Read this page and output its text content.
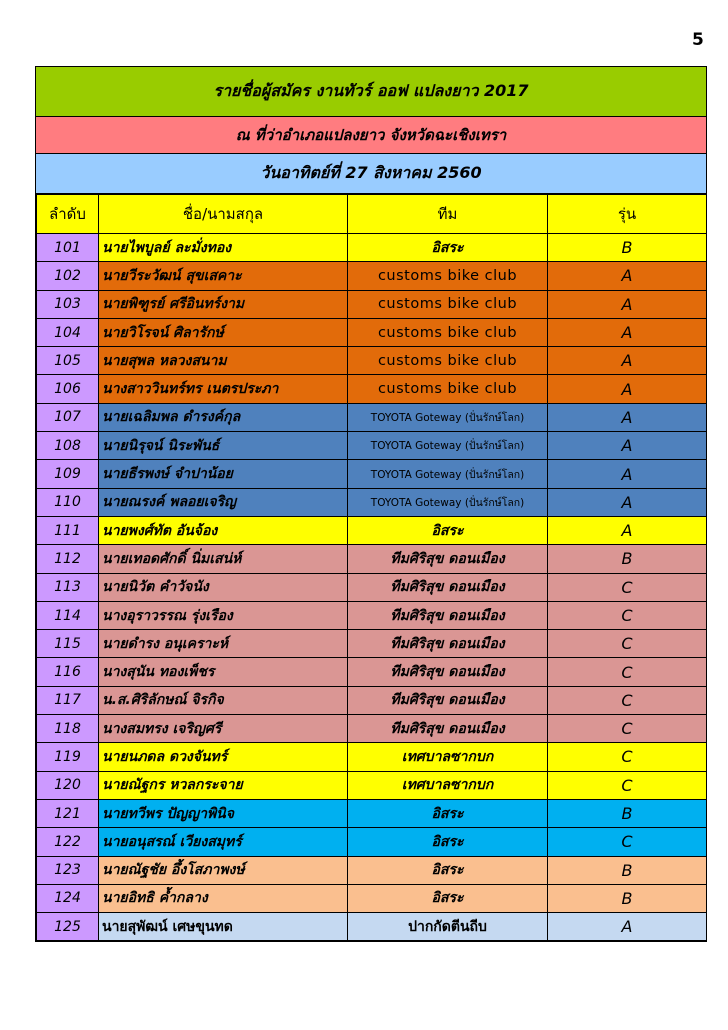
5
รายชื่อผู้สมัคร งานทัวร์ ออฟ แปลงยาว 2017
ณ ที่ว่าอำเภอแปลงยาว จังหวัดฉะเชิงเทรา
วันอาทิตย์ที่ 27 สิงหาคม 2560
ลำดับ	ชื่อ/นามสกุล	ทีม	รุ่น
101	นายไพบูลย์ ละมั่งทอง	อิสระ	B
102	นายวีระวัฒน์ สุขเสคาะ	customs bike club	A
103	นายพิฑูรย์ ศรีอินทร์งาม	customs bike club	A
104	นายวิโรจน์ ศิลารักษ์	customs bike club	A
105	นายสุพล หลวงสนาม	customs bike club	A
106	นางสาววินทร์ทร เนตรประภา	customs bike club	A
107	นายเฉลิมพล ดำรงค์กุล	TOYOTA Goteway (ปั่นรักษ์โลก)	A
108	นายนิรุจน์ นิระพันธ์	TOYOTA Goteway (ปั่นรักษ์โลก)	A
109	นายธีรพงษ์ จำปาน้อย	TOYOTA Goteway (ปั่นรักษ์โลก)	A
110	นายณรงค์ พลอยเจริญ	TOYOTA Goteway (ปั่นรักษ์โลก)	A
111	นายพงศ์ทัต อันจ้อง	อิสระ	A
112	นายเทอดศักดิ์ นิ่มเสน่ห์	ทีมศิริสุข ดอนเมือง	B
113	นายนิวัต คำวัจนัง	ทีมศิริสุข ดอนเมือง	C
114	นางอุราวรรณ รุ่งเรือง	ทีมศิริสุข ดอนเมือง	C
115	นายดำรง อนุเคราะห์	ทีมศิริสุข ดอนเมือง	C
116	นางสุนัน ทองเพ็ชร	ทีมศิริสุข ดอนเมือง	C
117	น.ส.ศิริลักษณ์ จิรกิจ	ทีมศิริสุข ดอนเมือง	C
118	นางสมทรง เจริญศรี	ทีมศิริสุข ดอนเมือง	C
119	นายนภดล ดวงจันทร์	เทศบาลซากบก	C
120	นายณัฐกร หวลกระจาย	เทศบาลซากบก	C
121	นายทวีพร ปัญญาพินิจ	อิสระ	B
122	นายอนุสรณ์ เวียงสมุทร์	อิสระ	C
123	นายณัฐชัย อึ้งโสภาพงษ์	อิสระ	B
124	นายอิทธิ ค้ำกลาง	อิสระ	B
125	นายสุพัฒน์ เศษขุนทด	ปากกัดตีนถีบ	A
